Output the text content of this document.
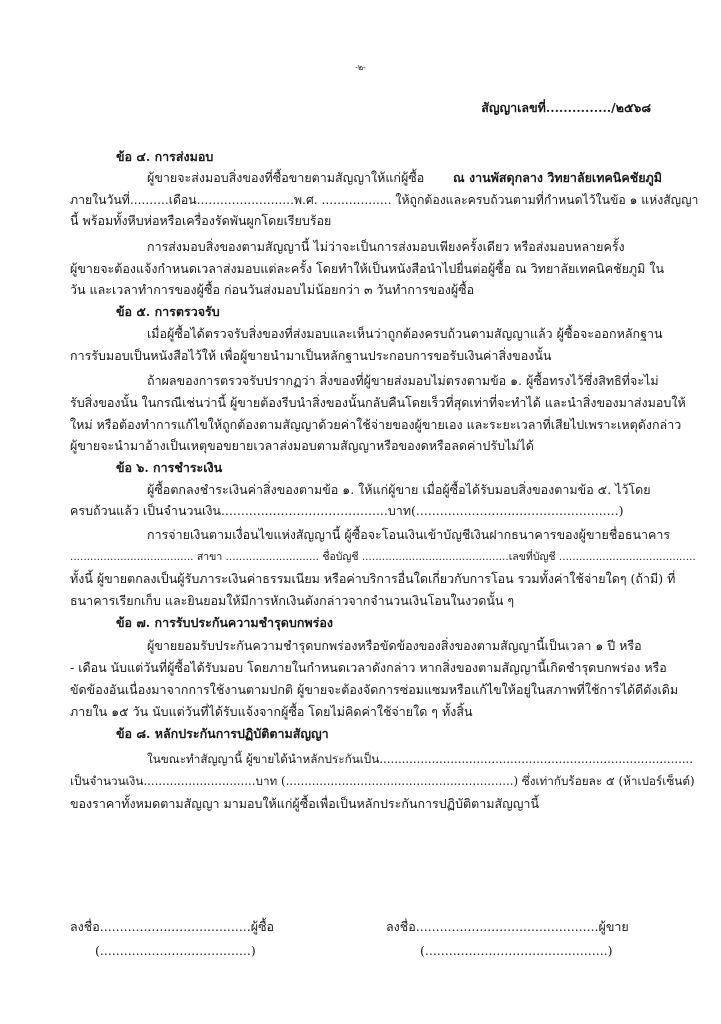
-๒-
สัญญาเลขที่.............../๒๕๖๘
ข้อ ๔. การส่งมอบ
ผู้ขายจะส่งมอบสิ่งของที่ซื้อขายตามสัญญาให้แก่ผู้ซื้อ ณ งานพัสดุกลาง วิทยาลัยเทคนิคชัยภูมิ
ภายในวันที่..........เดือน.........................พ.ศ. .................. ให้ถูกต้องและครบถ้วนตามที่กำหนดไว้ในข้อ ๑ แห่งสัญญา
นี้ พร้อมทั้งหีบห่อหรือเครื่องรัดพันผูกโดยเรียบร้อย
การส่งมอบสิ่งของตามสัญญานี้ ไม่ว่าจะเป็นการส่งมอบเพียงครั้งเดียว หรือส่งมอบหลายครั้ง
ผู้ขายจะต้องแจ้งกำหนดเวลาส่งมอบแต่ละครั้ง โดยทำให้เป็นหนังสือนำไปยื่นต่อผู้ซื้อ ณ วิทยาลัยเทคนิคชัยภูมิ ใน
วัน และเวลาทำการของผู้ซื้อ ก่อนวันส่งมอบไม่น้อยกว่า ๓ วันทำการของผู้ซื้อ
ข้อ ๕. การตรวจรับ
เมื่อผู้ซื้อได้ตรวจรับสิ่งของที่ส่งมอบและเห็นว่าถูกต้องครบถ้วนตามสัญญาแล้ว ผู้ซื้อจะออกหลักฐาน
การรับมอบเป็นหนังสือไว้ให้ เพื่อผู้ขายนำมาเป็นหลักฐานประกอบการขอรับเงินค่าสิ่งของนั้น
ถ้าผลของการตรวจรับปรากฏว่า สิ่งของที่ผู้ขายส่งมอบไม่ตรงตามข้อ ๑. ผู้ซื้อทรงไว้ซึ่งสิทธิที่จะไม่
รับสิ่งของนั้น ในกรณีเช่นว่านี้ ผู้ขายต้องรีบนำสิ่งของนั้นกลับคืนโดยเร็วที่สุดเท่าที่จะทำได้ และนำสิ่งของมาส่งมอบให้
ใหม่ หรือต้องทำการแก้ไขให้ถูกต้องตามสัญญาด้วยค่าใช้จ่ายของผู้ขายเอง และระยะเวลาที่เสียไปเพราะเหตุดังกล่าว
ผู้ขายจะนำมาอ้างเป็นเหตุขอขยายเวลาส่งมอบตามสัญญาหรือของดหรือลดค่าปรับไม่ได้
ข้อ ๖. การชำระเงิน
ผู้ซื้อตกลงชำระเงินค่าสิ่งของตามข้อ ๑. ให้แก่ผู้ขาย เมื่อผู้ซื้อได้รับมอบสิ่งของตามข้อ ๕. ไว้โดย
ครบถ้วนแล้ว เป็นจำนวนเงิน..........................................บาท(...................................................)
การจ่ายเงินตามเงื่อนไขแห่งสัญญานี้ ผู้ซื้อจะโอนเงินเข้าบัญชีเงินฝากธนาคารของผู้ขายชื่อธนาคาร
..................................... สาขา ............................ ชื่อบัญชี ............................................เลขที่บัญชี .........................................
ทั้งนี้ ผู้ขายตกลงเป็นผู้รับภาระเงินค่าธรรมเนียม หรือค่าบริการอื่นใดเกี่ยวกับการโอน รวมทั้งค่าใช้จ่ายใดๆ (ถ้ามี) ที่
ธนาคารเรียกเก็บ และยินยอมให้มีการหักเงินดังกล่าวจากจำนวนเงินโอนในงวดนั้น ๆ
ข้อ ๗. การรับประกันความชำรุดบกพร่อง
ผู้ขายยอมรับประกันความชำรุดบกพร่องหรือขัดข้องของสิ่งของตามสัญญานี้เป็นเวลา ๑ ปี หรือ
- เดือน นับแต่วันที่ผู้ซื้อได้รับมอบ โดยภายในกำหนดเวลาดังกล่าว หากสิ่งของตามสัญญานี้เกิดชำรุดบกพร่อง หรือ
ขัดข้องอันเนื่องมาจากการใช้งานตามปกติ ผู้ขายจะต้องจัดการซ่อมแซมหรือแก้ไขให้อยู่ในสภาพที่ใช้การได้ดีดังเดิม
ภายใน ๑๕ วัน นับแต่วันที่ได้รับแจ้งจากผู้ซื้อ โดยไม่คิดค่าใช้จ่ายใด ๆ ทั้งสิ้น
ข้อ ๘. หลักประกันการปฏิบัติตามสัญญา
ในขณะทำสัญญานี้ ผู้ขายได้นำหลักประกันเป็น....................................................................................
เป็นจำนวนเงิน..............................บาท (.............................................................) ซึ่งเท่ากับร้อยละ ๕ (ห้าเปอร์เซ็นต์)
ของราคาทั้งหมดตามสัญญา มามอบให้แก่ผู้ซื้อเพื่อเป็นหลักประกันการปฏิบัติตามสัญญานี้
ลงชื่อ......................................ผู้ซื้อ
(......................................)
ลงชื่อ..............................................ผู้ขาย
(..............................................)
